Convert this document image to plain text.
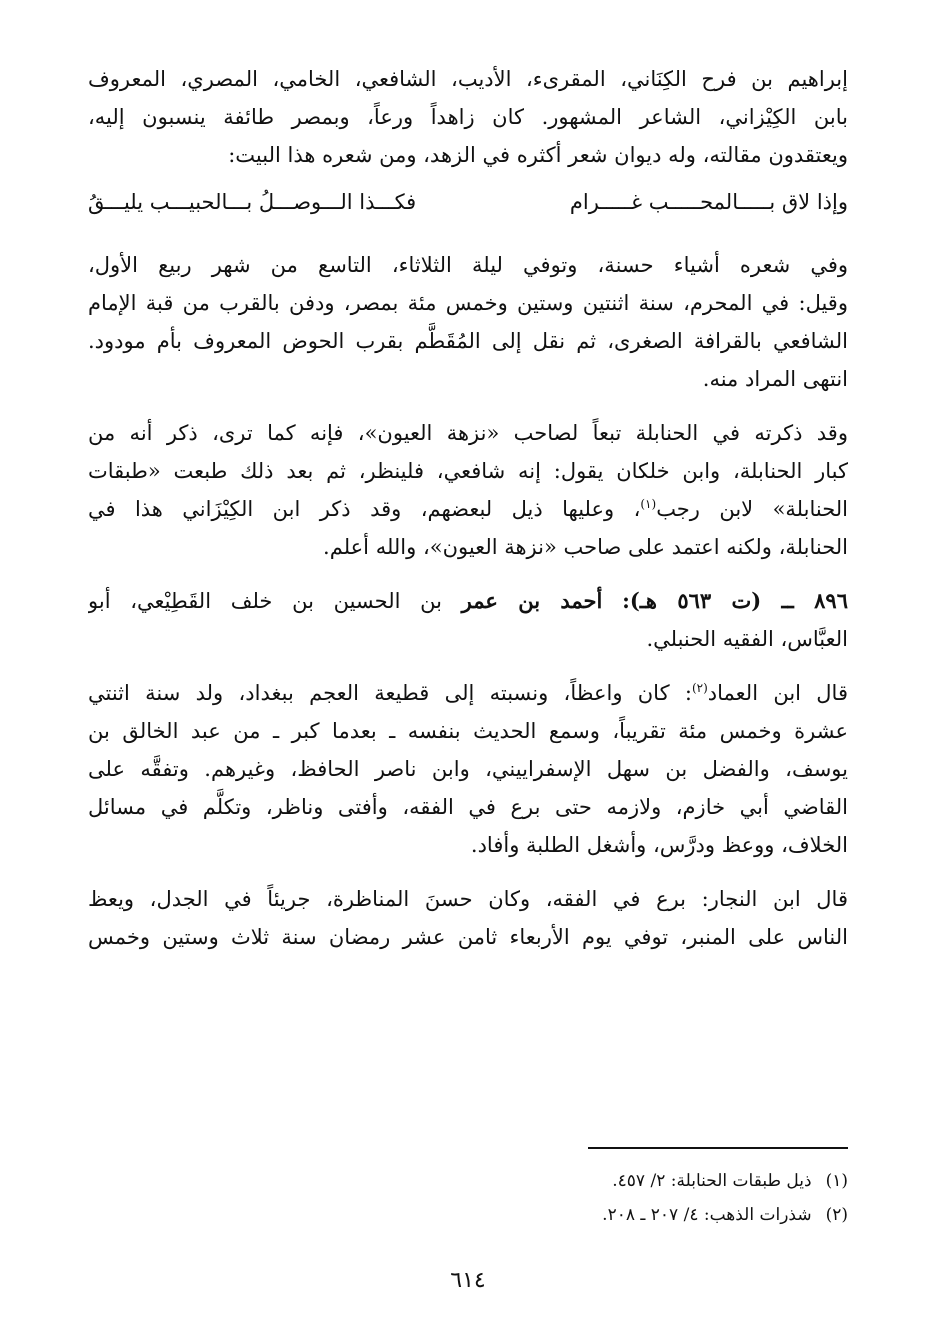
إبراهيم بن فرح الكِنَاني، المقرىء، الأديب، الشافعي، الخامي، المصري، المعروف
بابن الكِيْزاني، الشاعر المشهور. كان زاهداً ورعاً، وبمصر طائفة ينسبون إليه،
ويعتقدون مقالته، وله ديوان شعر أكثره في الزهد، ومن شعره هذا البيت:
وإذا لاق بـــــالمحـــــب غـــــرام
فكـــذا الـــوصـــلُ بـــالحبيـــب يليـــقُ
وفي شعره أشياء حسنة، وتوفي ليلة الثلاثاء، التاسع من شهر ربيع الأول،
وقيل: في المحرم، سنة اثنتين وستين وخمس مئة بمصر، ودفن بالقرب من قبة الإمام
الشافعي بالقرافة الصغرى، ثم نقل إلى المُقَطَّم بقرب الحوض المعروف بأم مودود.
انتهى المراد منه.
وقد ذكرته في الحنابلة تبعاً لصاحب «نزهة العيون»، فإنه كما ترى، ذكر أنه من
كبار الحنابلة، وابن خلكان يقول: إنه شافعي، فلينظر، ثم بعد ذلك طبعت «طبقات
الحنابلة» لابن رجب$^{(١)}$، وعليها ذيل لبعضهم، وقد ذكر ابن الكِيْزَاني هذا في
الحنابلة، ولكنه اعتمد على صاحب «نزهة العيون»، والله أعلم.
٨٩٦ ــ (ت ٥٦٣ هـ): أحمد بن عمر بن الحسين بن خلف القَطِيْعي، أبو
العبَّاس، الفقيه الحنبلي.
قال ابن العماد$^{(٢)}$: كان واعظاً، ونسبته إلى قطيعة العجم ببغداد، ولد سنة اثنتي
عشرة وخمس مئة تقريباً، وسمع الحديث بنفسه ـ بعدما كبر ـ من عبد الخالق بن
يوسف، والفضل بن سهل الإسفراييني، وابن ناصر الحافظ، وغيرهم. وتفقَّه على
القاضي أبي خازم، ولازمه حتى برع في الفقه، وأفتى وناظر، وتكلَّم في مسائل
الخلاف، ووعظ ودرَّس، وأشغل الطلبة وأفاد.
قال ابن النجار: برع في الفقه، وكان حسنَ المناظرة، جريئاً في الجدل، ويعظ
الناس على المنبر، توفي يوم الأربعاء ثامن عشر رمضان سنة ثلاث وستين وخمس
(١)ذيل طبقات الحنابلة: ٢/ ٤٥٧.
(٢)شذرات الذهب: ٤/ ٢٠٧ ـ ٢٠٨.
٦١٤
